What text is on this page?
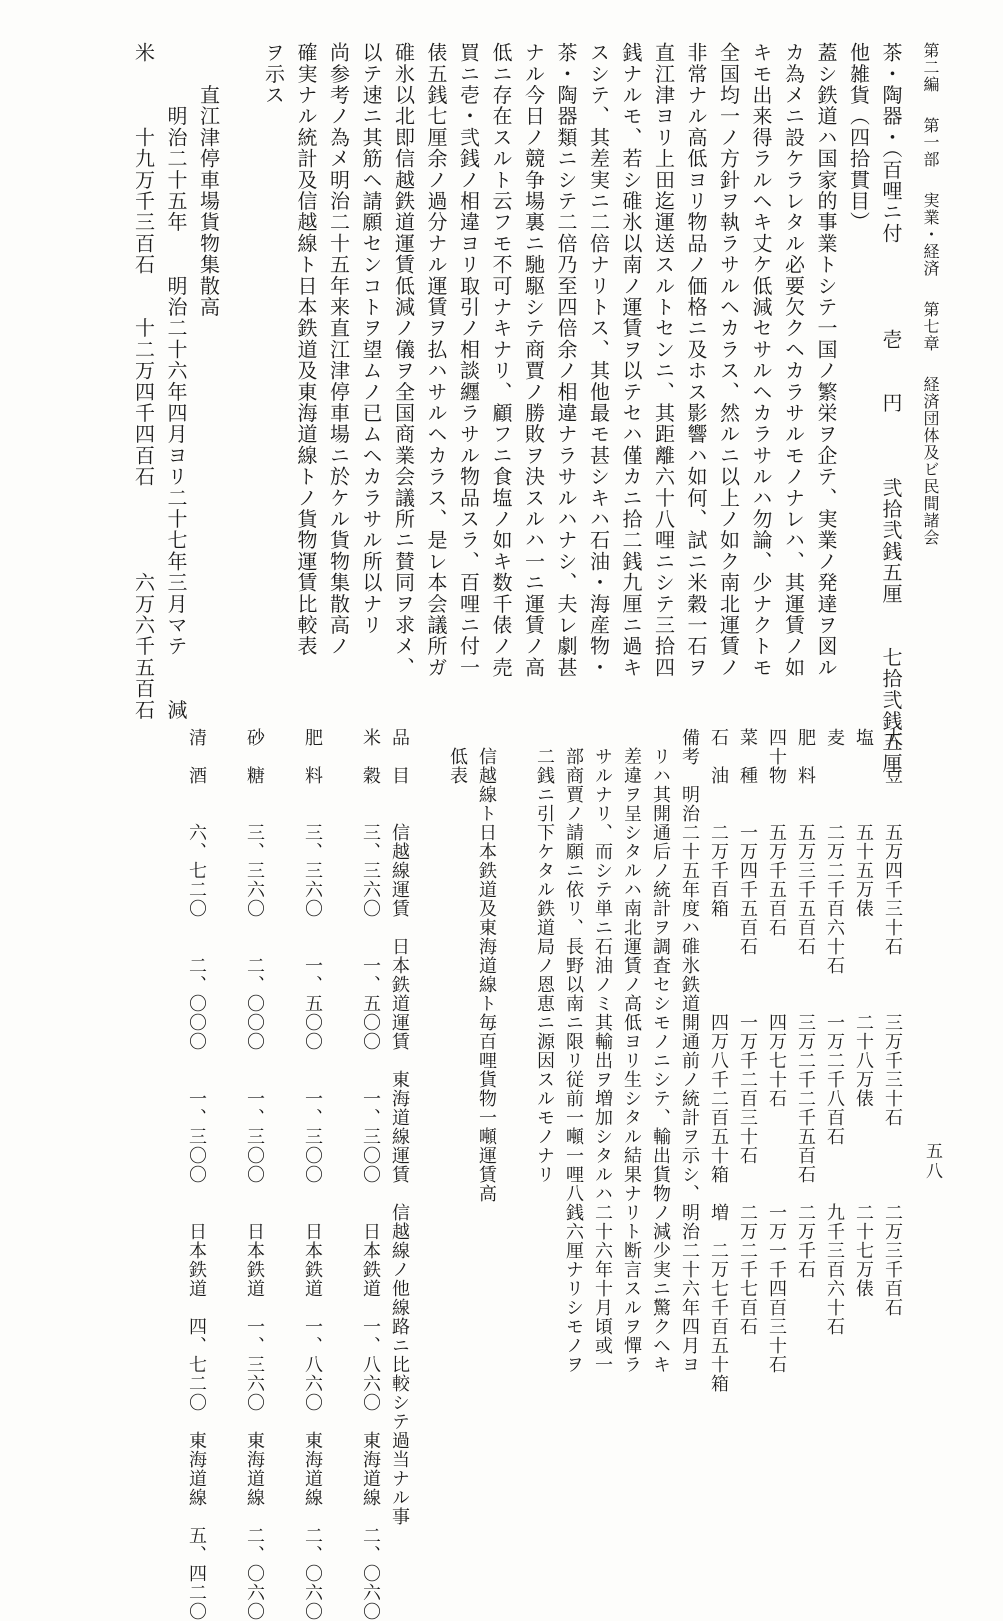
第二編 第一部 実業・経済 第七章 経済団体及ビ民間諸会
五八
茶・陶器・（百哩ニ付　　　　壱　　円　　　弐拾弐銭五厘　　七拾弐銭五厘
他雑貨（四拾貫目）
蓋シ鉄道ハ国家的事業トシテ一国ノ繁栄ヲ企テ、実業ノ発達ヲ図ル
カ為メニ設ケラレタル必要欠クヘカラサルモノナレハ、其運賃ノ如
キモ出来得ラルヘキ丈ケ低減セサルヘカラサルハ勿論、少ナクトモ
全国均一ノ方針ヲ執ラサルヘカラス、然ルニ以上ノ如ク南北運賃ノ
非常ナル高低ヨリ物品ノ価格ニ及ホス影響ハ如何、試ニ米穀一石ヲ
直江津ヨリ上田迄運送スルトセンニ、其距離六十八哩ニシテ三拾四
銭ナルモ、若シ碓氷以南ノ運賃ヲ以テセハ僅カニ拾二銭九厘ニ過キ
スシテ、其差実ニ二倍ナリトス、其他最モ甚シキハ石油・海産物・
茶・陶器類ニシテ二倍乃至四倍余ノ相違ナラサルハナシ、夫レ劇甚
ナル今日ノ競争場裏ニ馳駆シテ商賈ノ勝敗ヲ決スルハ一ニ運賃ノ高
低ニ存在スルト云フモ不可ナキナリ、顧フニ食塩ノ如キ数千俵ノ売
買ニ壱・弐銭ノ相違ヨリ取引ノ相談纒ラサル物品スラ、百哩ニ付一
俵五銭七厘余ノ過分ナル運賃ヲ払ハサルヘカラス、是レ本会議所ガ
碓氷以北即信越鉄道運賃低減ノ儀ヲ全国商業会議所ニ賛同ヲ求メ、
以テ速ニ其筋ヘ請願センコトヲ望ムノ已ムヘカラサル所以ナリ
尚参考ノ為メ明治二十五年来直江津停車場ニ於ケル貨物集散高ノ
確実ナル統計及信越線ト日本鉄道及東海道線トノ貨物運賃比較表
ヲ示ス

　　直江津停車場貨物集散高
　　　明治二十五年　　明治二十六年四月ヨリ二十七年三月マテ　　減
米　　　十九万千三百石　　十二万四千四百石　　　　六万六千五百石
大　豆　　五万四千三十石　　　三万千三十石　　　　二万三千百石
塩　　　　五十五万俵　　　　　二十八万俵　　　　　二十七万俵
麦　　　　二万二千百六十石　　一万二千八百石　　　九千三百六十石
肥　料　　五万三千五百石　　　三万二千二千五百石　二万千石
四十物　　五万千五百石　　　　四万七十石　　　　　一万一千四百三十石
菜　種　　一万四千五百石　　　一万千二百三十石　　二万二千七百石
石　油　　二万千百箱　　　　　四万八千二百五十箱　増　二万七千百五十箱
備考　明治二十五年度ハ碓氷鉄道開通前ノ統計ヲ示シ、明治二十六年四月ヨ
　リハ其開通后ノ統計ヲ調査セシモノニシテ、輸出貨物ノ減少実ニ驚クヘキ
　差違ヲ呈シタルハ南北運賃ノ高低ヨリ生シタル結果ナリト断言スルヲ憚ラ
　サルナリ、而シテ単ニ石油ノミ其輸出ヲ増加シタルハ二十六年十月頃或一
　部商賈ノ請願ニ依リ、長野以南ニ限リ従前一噸一哩八銭六厘ナリシモノヲ
　二銭ニ引下ケタル鉄道局ノ恩恵ニ源因スルモノナリ

　信越線ト日本鉄道及東海道線ト毎百哩貨物一噸運賃高
　低表

品　目　　信越線運賃　日本鉄道運賃　東海道線運賃　信越線ノ他線路ニ比較シテ過当ナル事
米　穀　　三、三六〇　　一、五〇〇　　一、三〇〇　　日本鉄道　一、八六〇　東海道線　二、〇六〇

肥　料　　三、三六〇　　一、五〇〇　　一、三〇〇　　日本鉄道　一、八六〇　東海道線　二、〇六〇

砂　糖　　三、三六〇　　二、〇〇〇　　一、三〇〇　　日本鉄道　一、三六〇　東海道線　二、〇六〇

清　酒　　六、七二〇　　二、〇〇〇　　一、三〇〇　　日本鉄道　四、七二〇　東海道線　五、四二〇
